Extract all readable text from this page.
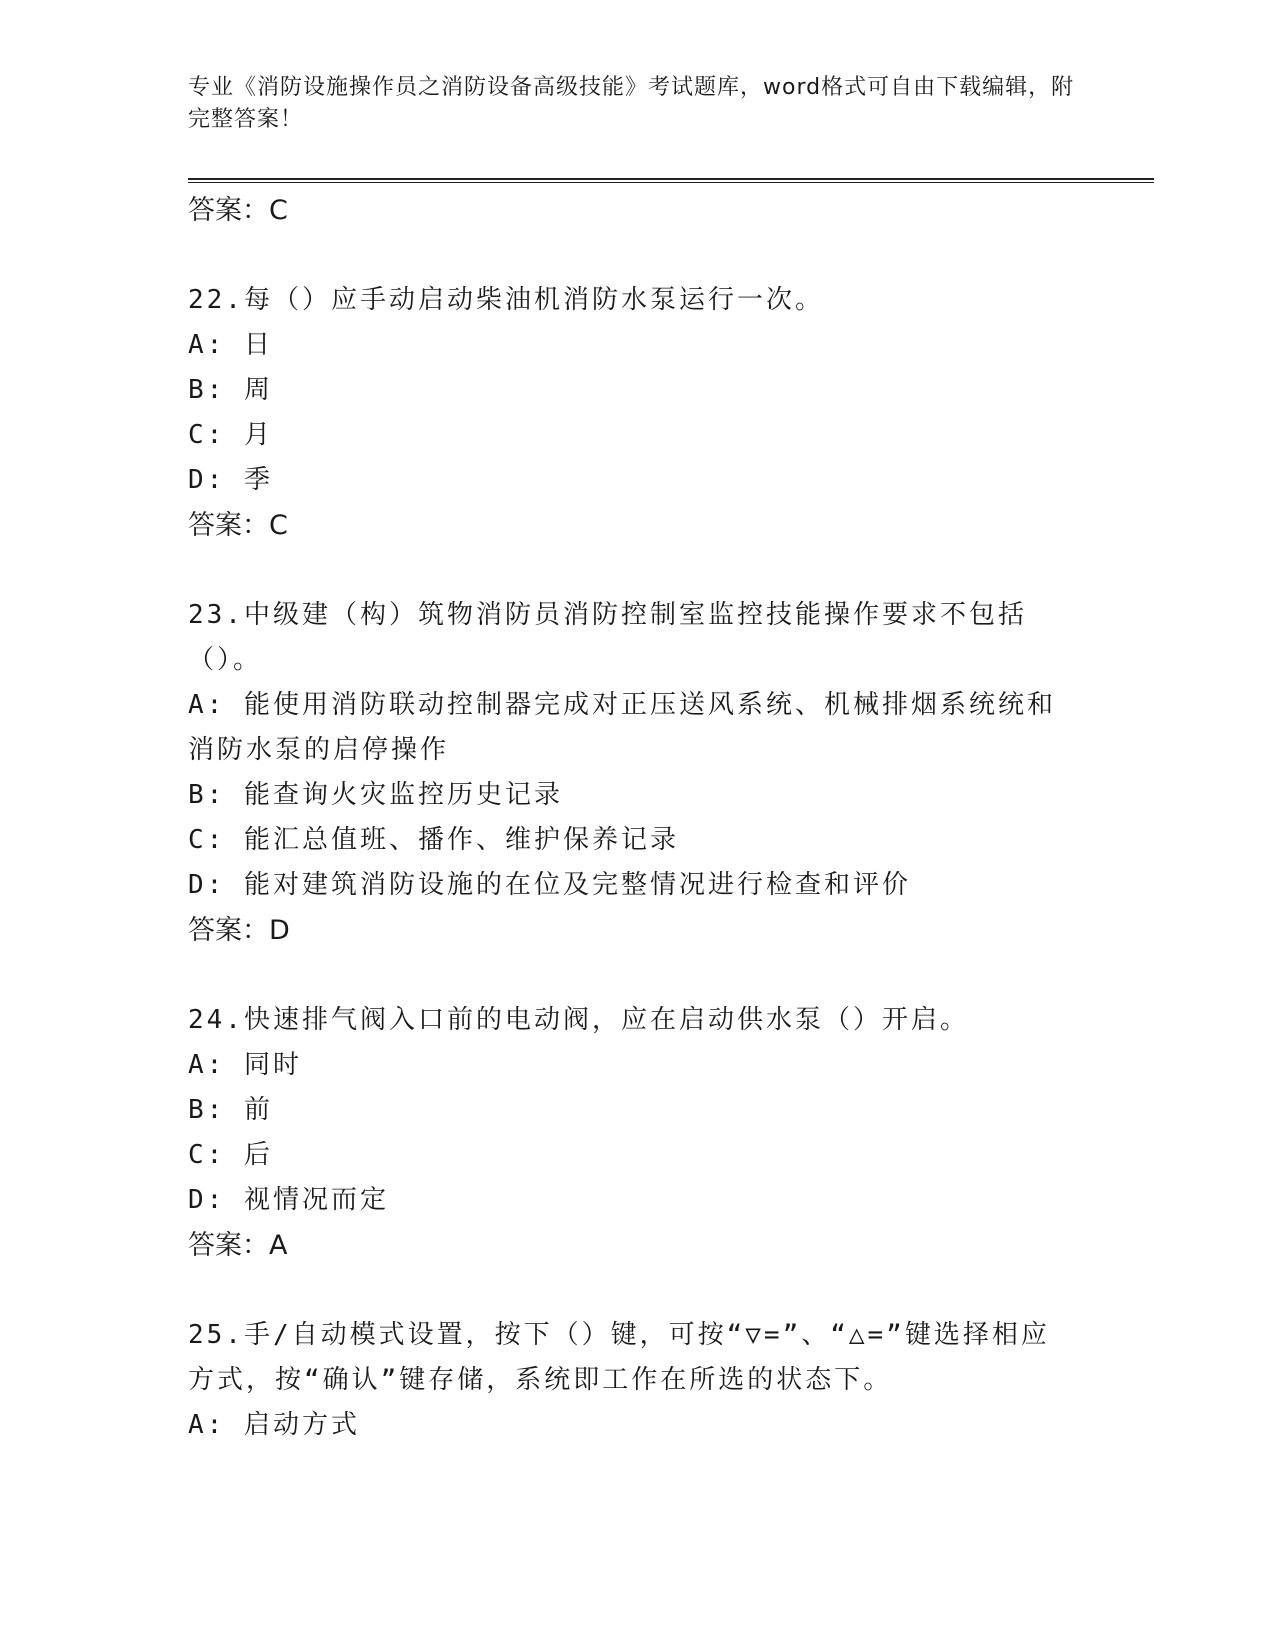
专业《消防设施操作员之消防设备高级技能》考试题库，word格式可自由下载编辑，附完整答案！
答案：C
22.每（）应手动启动柴油机消防水泵运行一次。
A: 日
B: 周
C: 月
D: 季
答案：C
23.中级建（构）筑物消防员消防控制室监控技能操作要求不包括（）。
A: 能使用消防联动控制器完成对正压送风系统、机械排烟系统统和消防水泵的启停操作
B: 能查询火灾监控历史记录
C: 能汇总值班、播作、维护保养记录
D: 能对建筑消防设施的在位及完整情况进行检查和评价
答案：D
24.快速排气阀入口前的电动阀，应在启动供水泵（）开启。
A: 同时
B: 前
C: 后
D: 视情况而定
答案：A
25.手/自动模式设置，按下（）键，可按“▽=”、“△=”键选择相应方式，按“确认”键存储，系统即工作在所选的状态下。
A: 启动方式
